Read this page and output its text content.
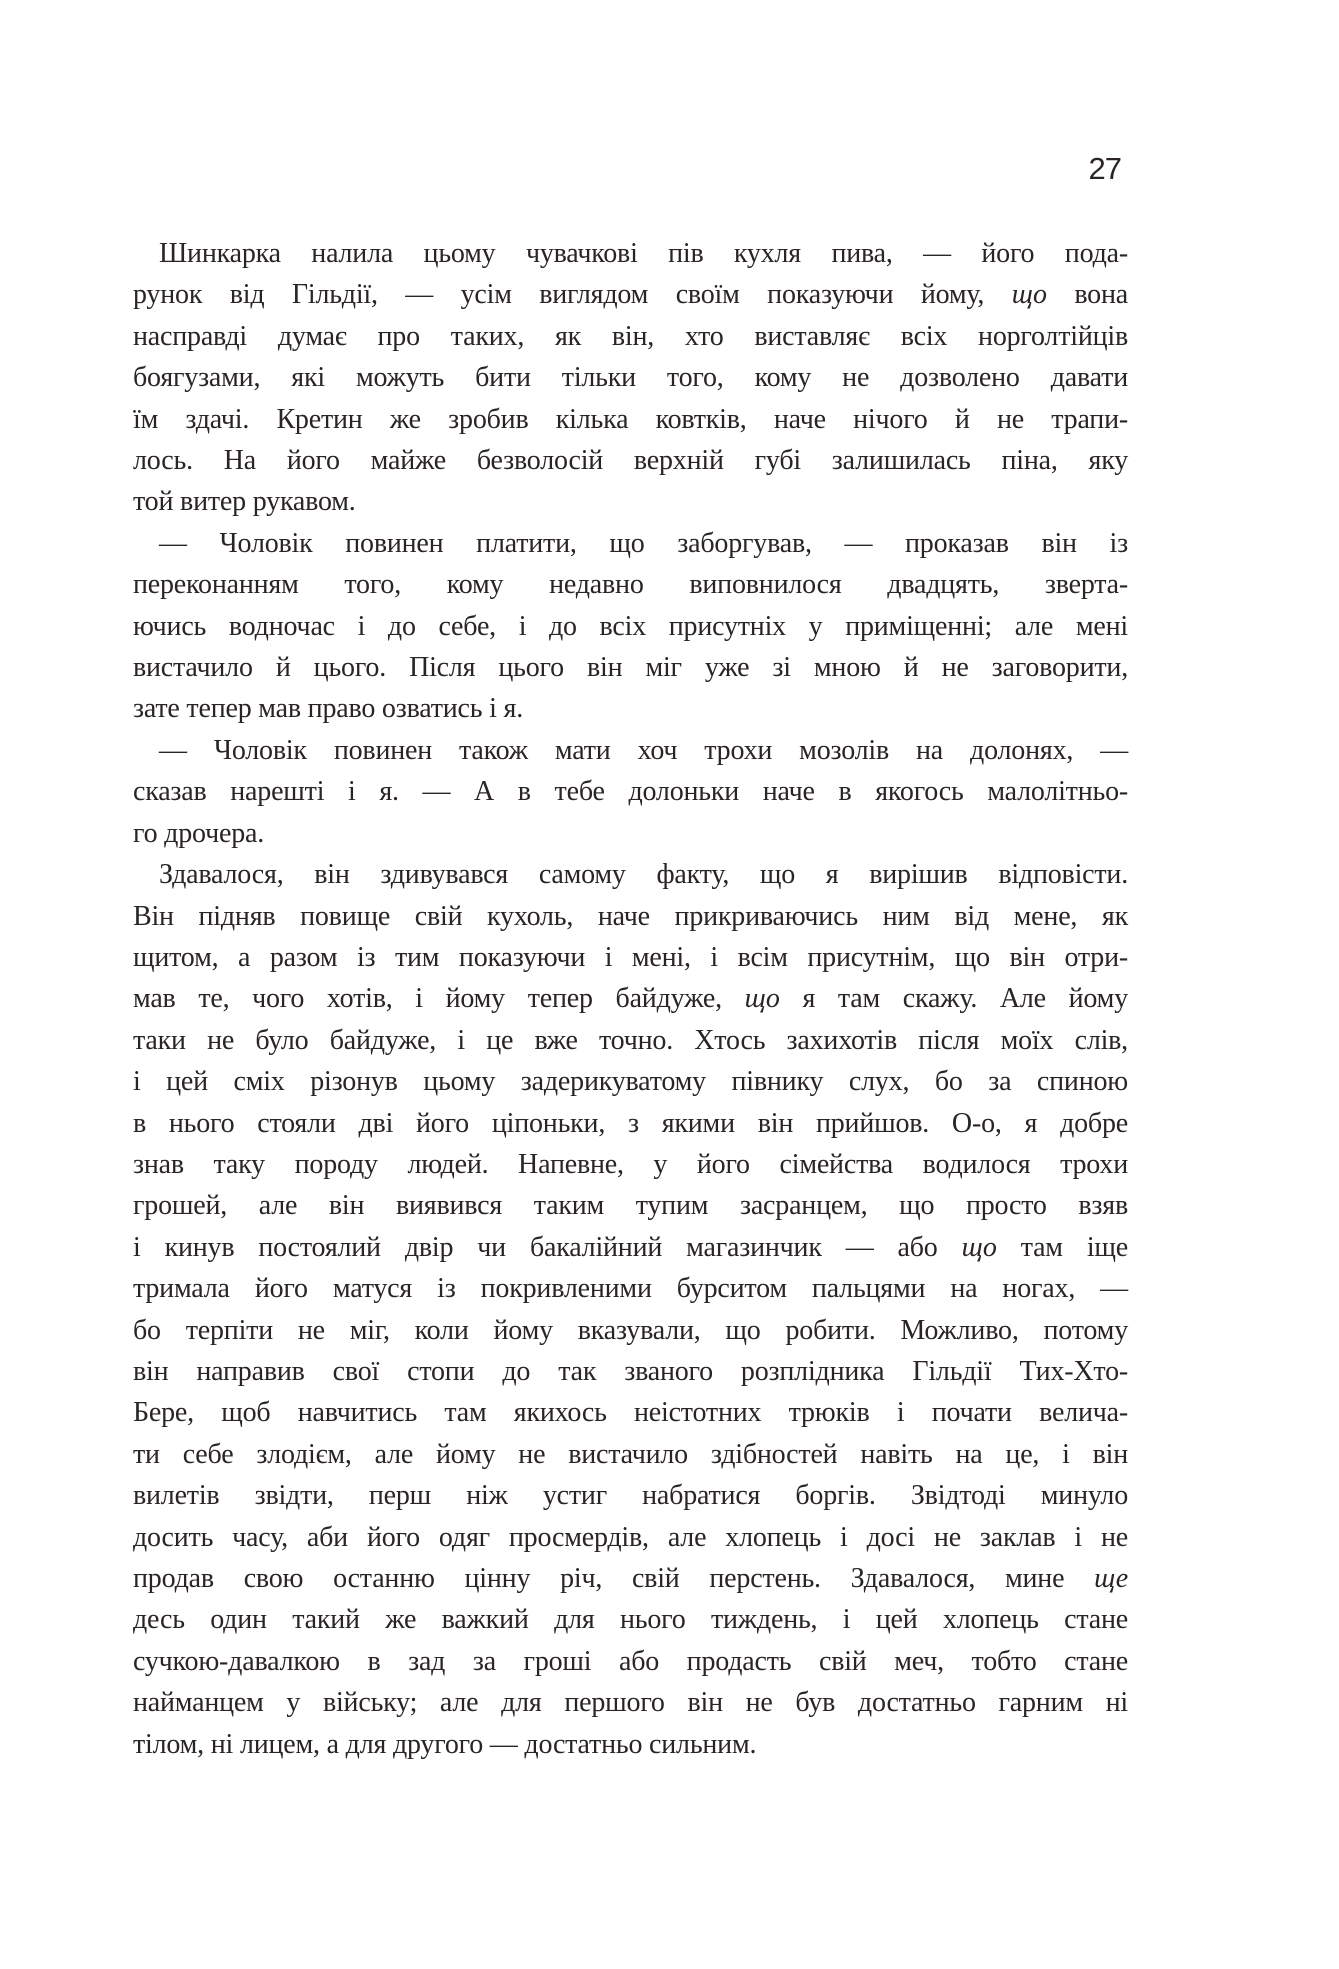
27
Шинкарка налила цьому чувачкові пів кухля пива, — його пода-
рунок від Гільдії, — усім виглядом своїм показуючи йому, що вона
насправді думає про таких, як він, хто виставляє всіх норголтійців
боягузами, які можуть бити тільки того, кому не дозволено давати
їм здачі. Кретин же зробив кілька ковтків, наче нічого й не трапи-
лось. На його майже безволосій верхній губі залишилась піна, яку
той витер рукавом.
— Чоловік повинен платити, що заборгував, — проказав він із
переконанням того, кому недавно виповнилося двадцять, зверта-
ючись водночас і до себе, і до всіх присутніх у приміщенні; але мені
вистачило й цього. Після цього він міг уже зі мною й не заговорити,
зате тепер мав право озватись і я.
— Чоловік повинен також мати хоч трохи мозолів на долонях, —
сказав нарешті і я. — А в тебе долоньки наче в якогось малолітньо-
го дрочера.
Здавалося, він здивувався самому факту, що я вирішив відповісти.
Він підняв повище свій кухоль, наче прикриваючись ним від мене, як
щитом, а разом із тим показуючи і мені, і всім присутнім, що він отри-
мав те, чого хотів, і йому тепер байдуже, що я там скажу. Але йому
таки не було байдуже, і це вже точно. Хтось захихотів після моїх слів,
і цей сміх різонув цьому задерикуватому півнику слух, бо за спиною
в нього стояли дві його ціпоньки, з якими він прийшов. О-о, я добре
знав таку породу людей. Напевне, у його сімейства водилося трохи
грошей, але він виявився таким тупим засранцем, що просто взяв
і кинув постоялий двір чи бакалійний магазинчик — або що там іще
тримала його матуся із покривленими бурситом пальцями на ногах, —
бо терпіти не міг, коли йому вказували, що робити. Можливо, потому
він направив свої стопи до так званого розплідника Гільдії Тих-Хто-
Бере, щоб навчитись там якихось неістотних трюків і почати велича-
ти себе злодієм, але йому не вистачило здібностей навіть на це, і він
вилетів звідти, перш ніж устиг набратися боргів. Звідтоді минуло
досить часу, аби його одяг просмердів, але хлопець і досі не заклав і не
продав свою останню цінну річ, свій перстень. Здавалося, мине ще
десь один такий же важкий для нього тиждень, і цей хлопець стане
сучкою-давалкою в зад за гроші або продасть свій меч, тобто стане
найманцем у війську; але для першого він не був достатньо гарним ні
тілом, ні лицем, а для другого — достатньо сильним.
